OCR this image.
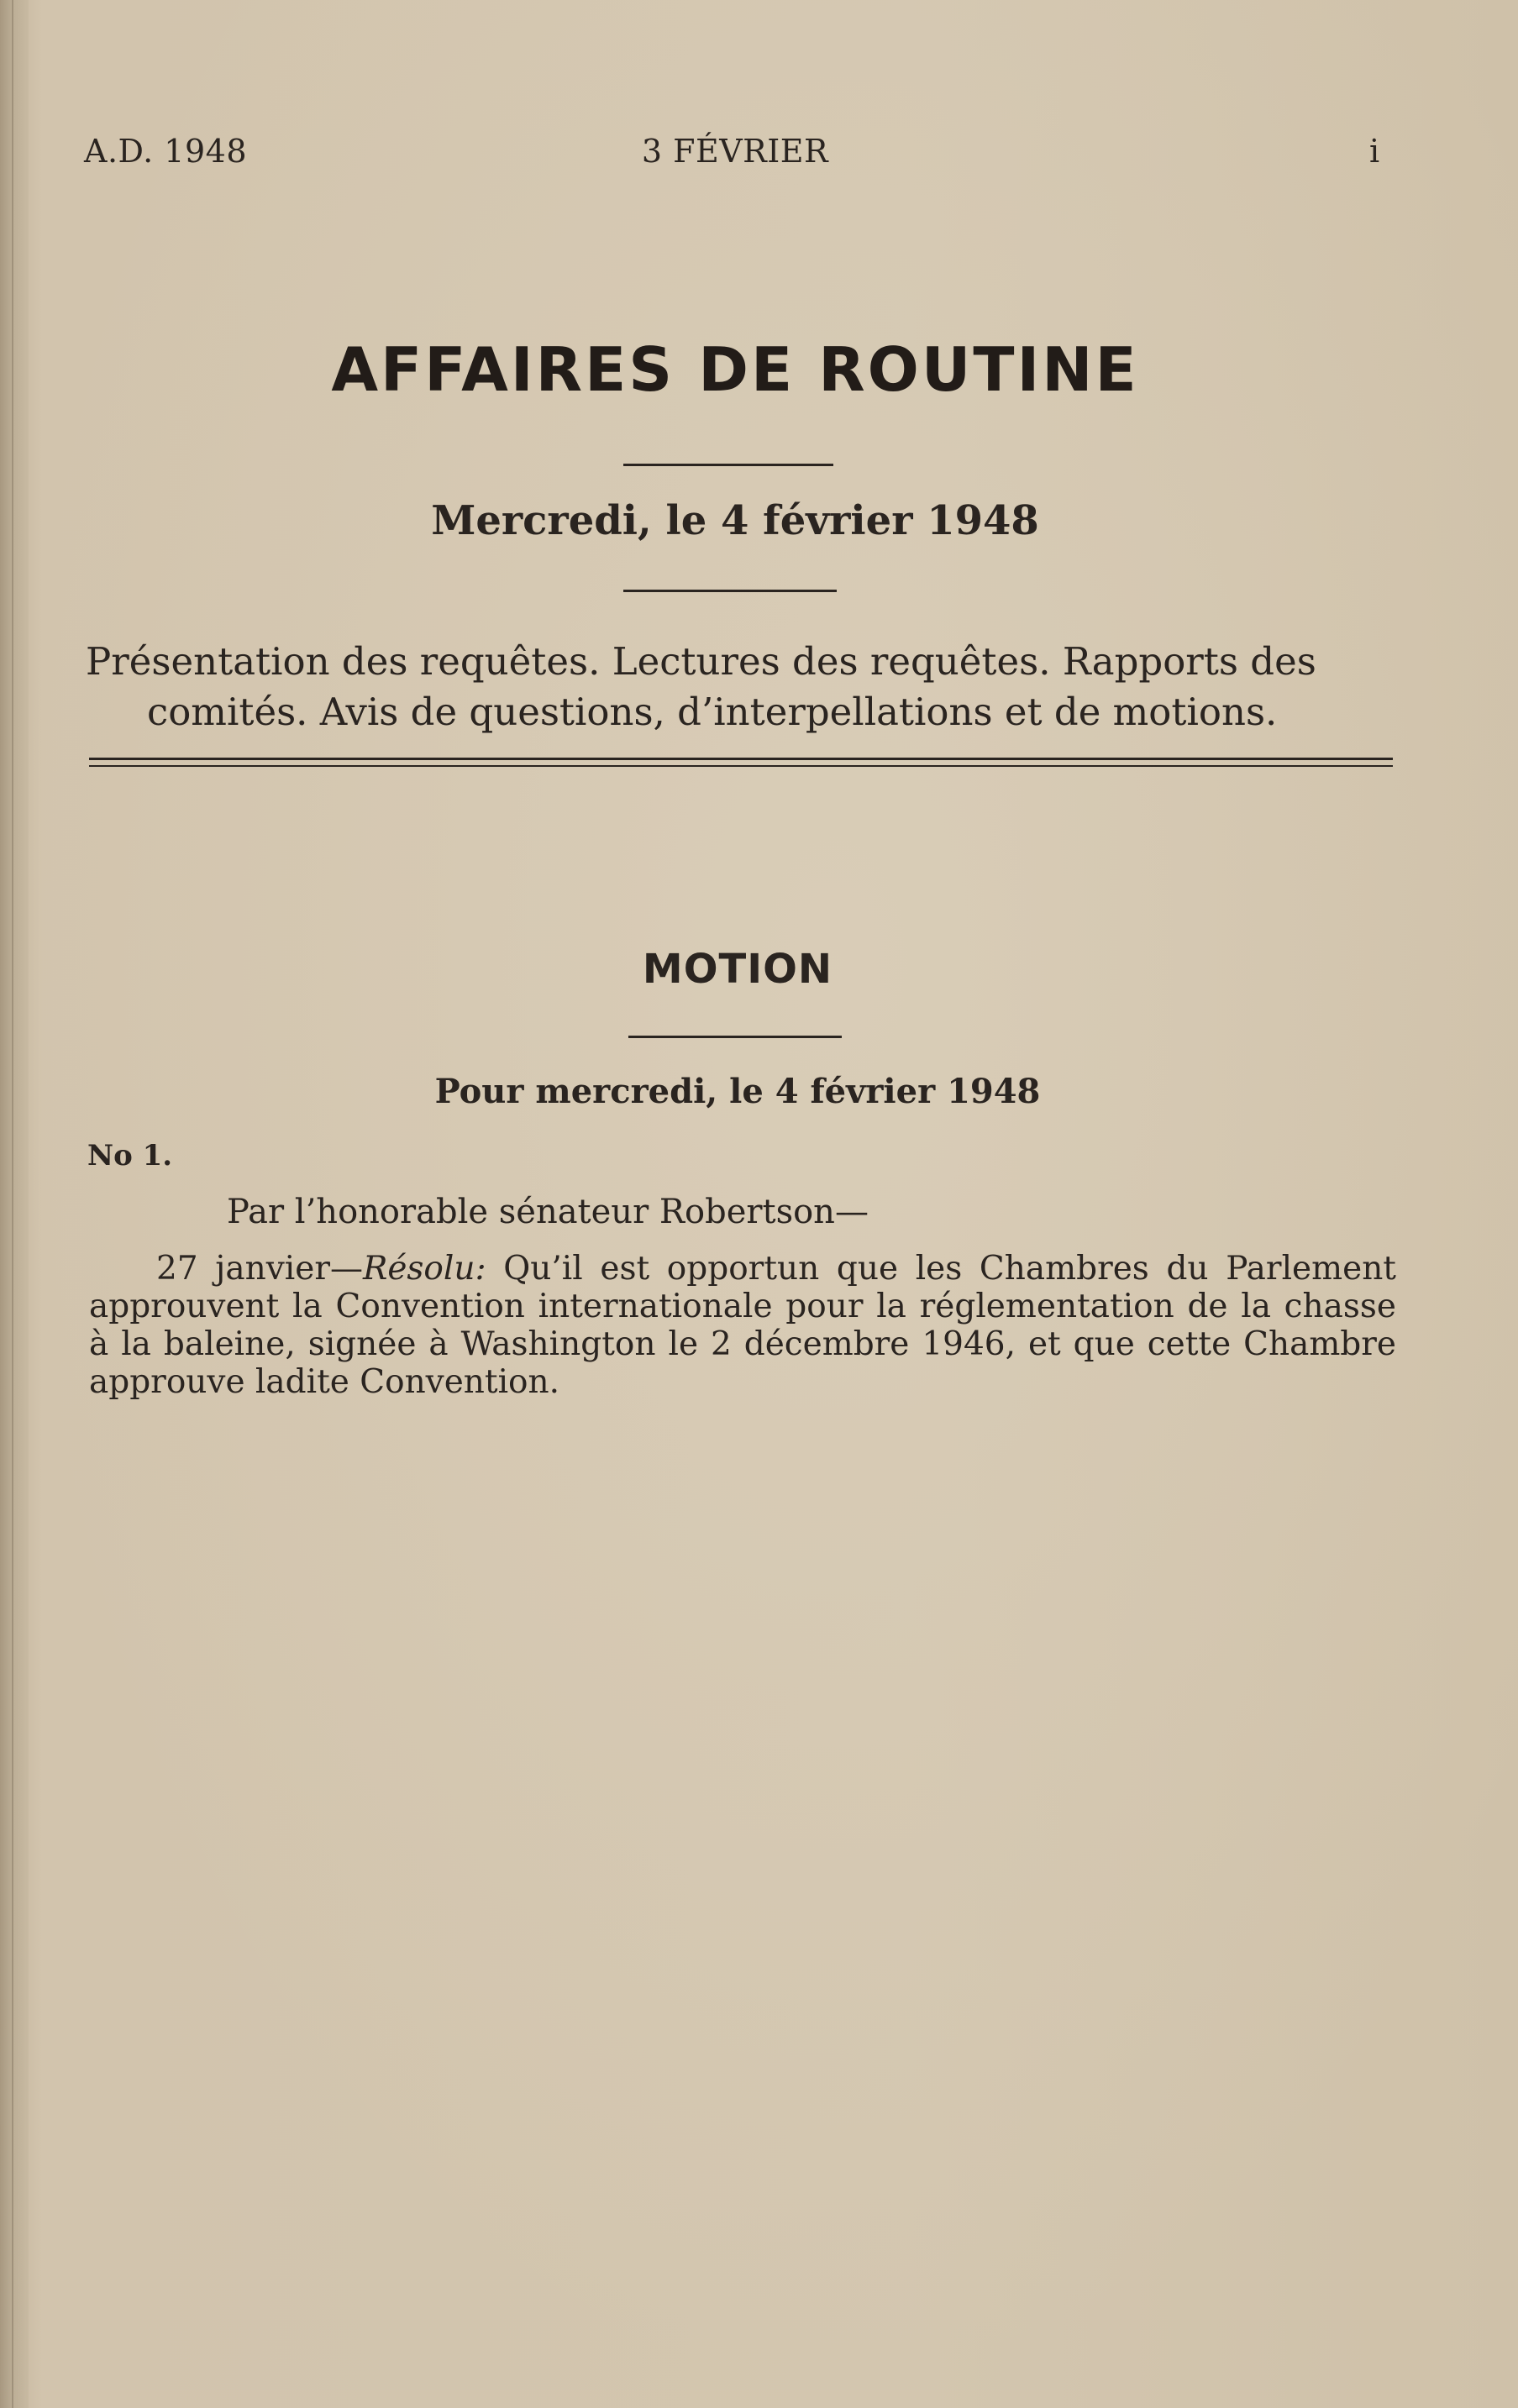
A.D. 1948	3 FÉVRIER	i
AFFAIRES DE ROUTINE
Mercredi, le 4 février 1948
Présentation des requêtes. Lectures des requêtes. Rapports des
comités. Avis de questions, d’interpellations et de motions.
MOTION
Pour mercredi, le 4 février 1948
No 1.
Par l’honorable sénateur Robertson—
27 janvier—Résolu: Qu’il est opportun que les Chambres du Parlement approuvent la Convention internationale pour la réglementation de la chasse à la baleine, signée à Washington le 2 décembre 1946, et que cette Chambre approuve ladite Convention.
